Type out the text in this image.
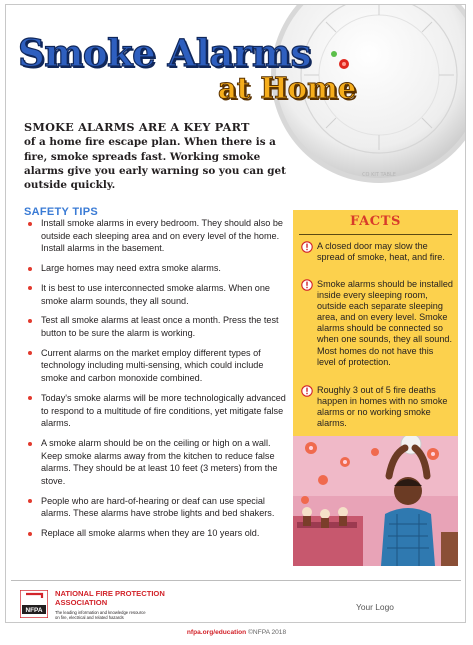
CO KIT TABLE
Smoke Alarms
at Home
SMOKE ALARMS ARE A KEY PART
of a home fire escape plan. When there is a fire, smoke spreads fast. Working smoke alarms give you early warning so you can get outside quickly.
SAFETY TIPS
Install smoke alarms in every bedroom. They should also be outside each sleeping area and on every level of the home. Install alarms in the basement.
Large homes may need extra smoke alarms.
It is best to use interconnected smoke alarms. When one smoke alarm sounds, they all sound.
Test all smoke alarms at least once a month. Press the test button to be sure the alarm is working.
Current alarms on the market employ different types of technology including multi-sensing, which could include smoke and carbon monoxide combined.
Today's smoke alarms will be more technologically advanced to respond to a multitude of fire conditions, yet mitigate false alarms.
A smoke alarm should be on the ceiling or high on a wall. Keep smoke alarms away from the kitchen to reduce false alarms. They should be at least 10 feet (3 meters) from the stove.
People who are hard-of-hearing or deaf can use special alarms. These alarms have strobe lights and bed shakers.
Replace all smoke alarms when they are 10 years old.
FACTS
A closed door may slow the spread of smoke, heat, and fire.
Smoke alarms should be installed inside every sleeping room, outside each separate sleeping area, and on every level. Smoke alarms should be connected so when one sounds, they all sound. Most homes do not have this level of protection.
Roughly 3 out of 5 fire deaths happen in homes with no smoke alarms or no working smoke alarms.
NFPA
NATIONAL FIRE PROTECTION ASSOCIATION
The leading information and knowledge resource on fire, electrical and related hazards
Your Logo
nfpa.org/education ©NFPA 2018
